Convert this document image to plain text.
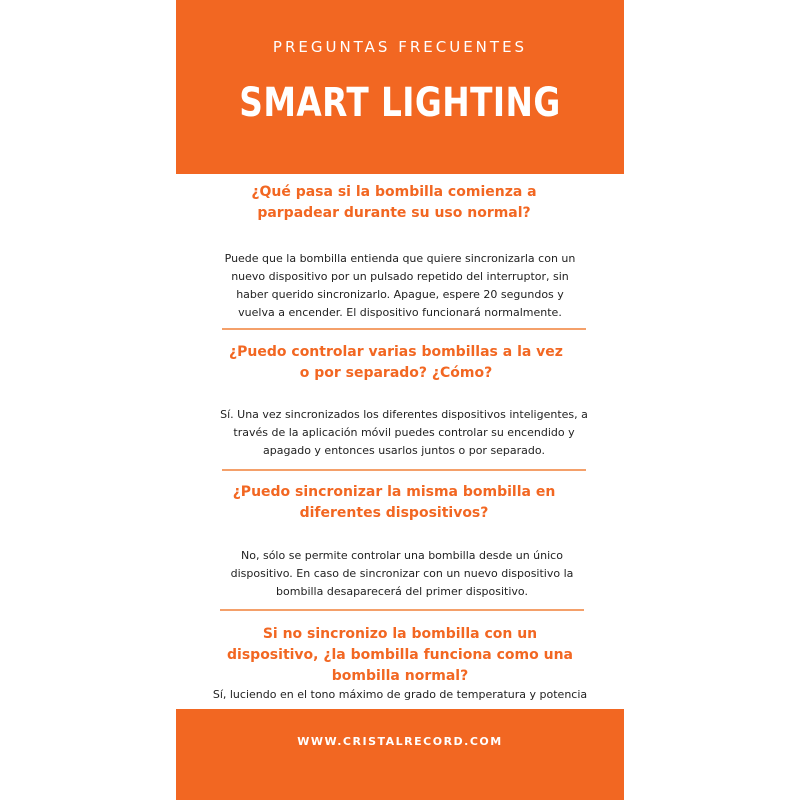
PREGUNTAS FRECUENTES
SMART LIGHTING
¿Qué pasa si la bombilla comienza a parpadear durante su uso normal?
Puede que la bombilla entienda que quiere sincronizarla con un nuevo dispositivo por un pulsado repetido del interruptor, sin haber querido sincronizarlo. Apague, espere 20 segundos y vuelva a encender. El dispositivo funcionará normalmente.
¿Puedo controlar varias bombillas a la vez o por separado? ¿Cómo?
Sí. Una vez sincronizados los diferentes dispositivos inteligentes, a través de la aplicación móvil puedes controlar su encendido y apagado y entonces usarlos juntos o por separado.
¿Puedo sincronizar la misma bombilla en diferentes dispositivos?
No, sólo se permite controlar una bombilla desde un único dispositivo. En caso de sincronizar con un nuevo dispositivo la bombilla desaparecerá del primer dispositivo.
Si no sincronizo la bombilla con un dispositivo, ¿la bombilla funciona como una bombilla normal?
Sí, luciendo en el tono máximo de grado de temperatura y potencia
WWW.CRISTALRECORD.COM
